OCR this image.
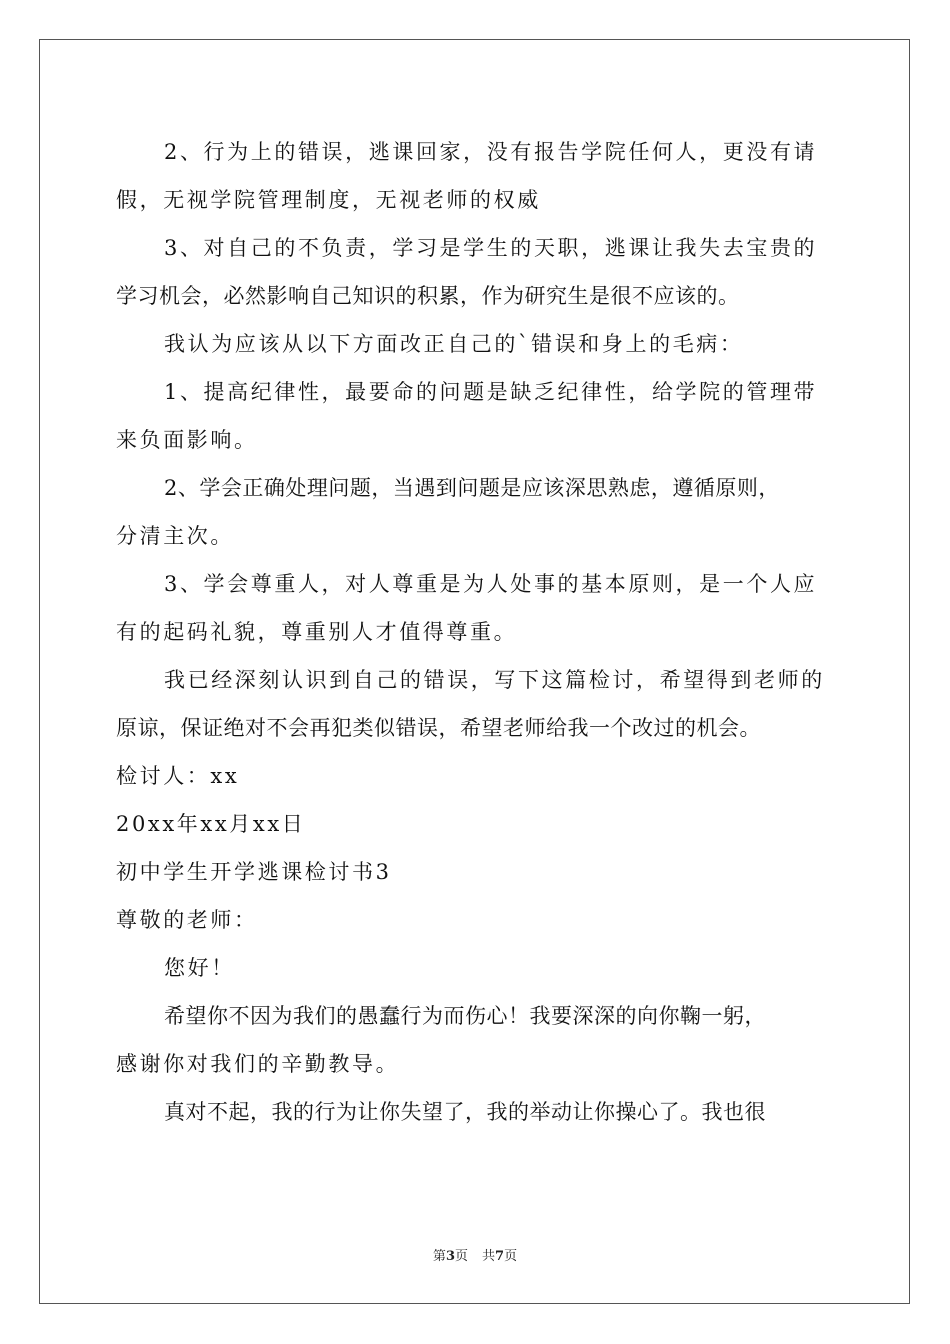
2、行为上的错误，逃课回家，没有报告学院任何人，更没有请
假，无视学院管理制度，无视老师的权威
3、对自己的不负责，学习是学生的天职，逃课让我失去宝贵的
学习机会，必然影响自己知识的积累，作为研究生是很不应该的。
我认为应该从以下方面改正自己的`错误和身上的毛病：
1、提高纪律性，最要命的问题是缺乏纪律性，给学院的管理带
来负面影响。
2、学会正确处理问题，当遇到问题是应该深思熟虑，遵循原则，
分清主次。
3、学会尊重人，对人尊重是为人处事的基本原则，是一个人应
有的起码礼貌，尊重别人才值得尊重。
我已经深刻认识到自己的错误，写下这篇检讨，希望得到老师的
原谅，保证绝对不会再犯类似错误，希望老师给我一个改过的机会。
检讨人：xx
20xx年xx月xx日
初中学生开学逃课检讨书3
尊敬的老师：
您好！
希望你不因为我们的愚蠢行为而伤心！我要深深的向你鞠一躬，
感谢你对我们的辛勤教导。
真对不起，我的行为让你失望了，我的举动让你操心了。我也很
第3页 共7页
